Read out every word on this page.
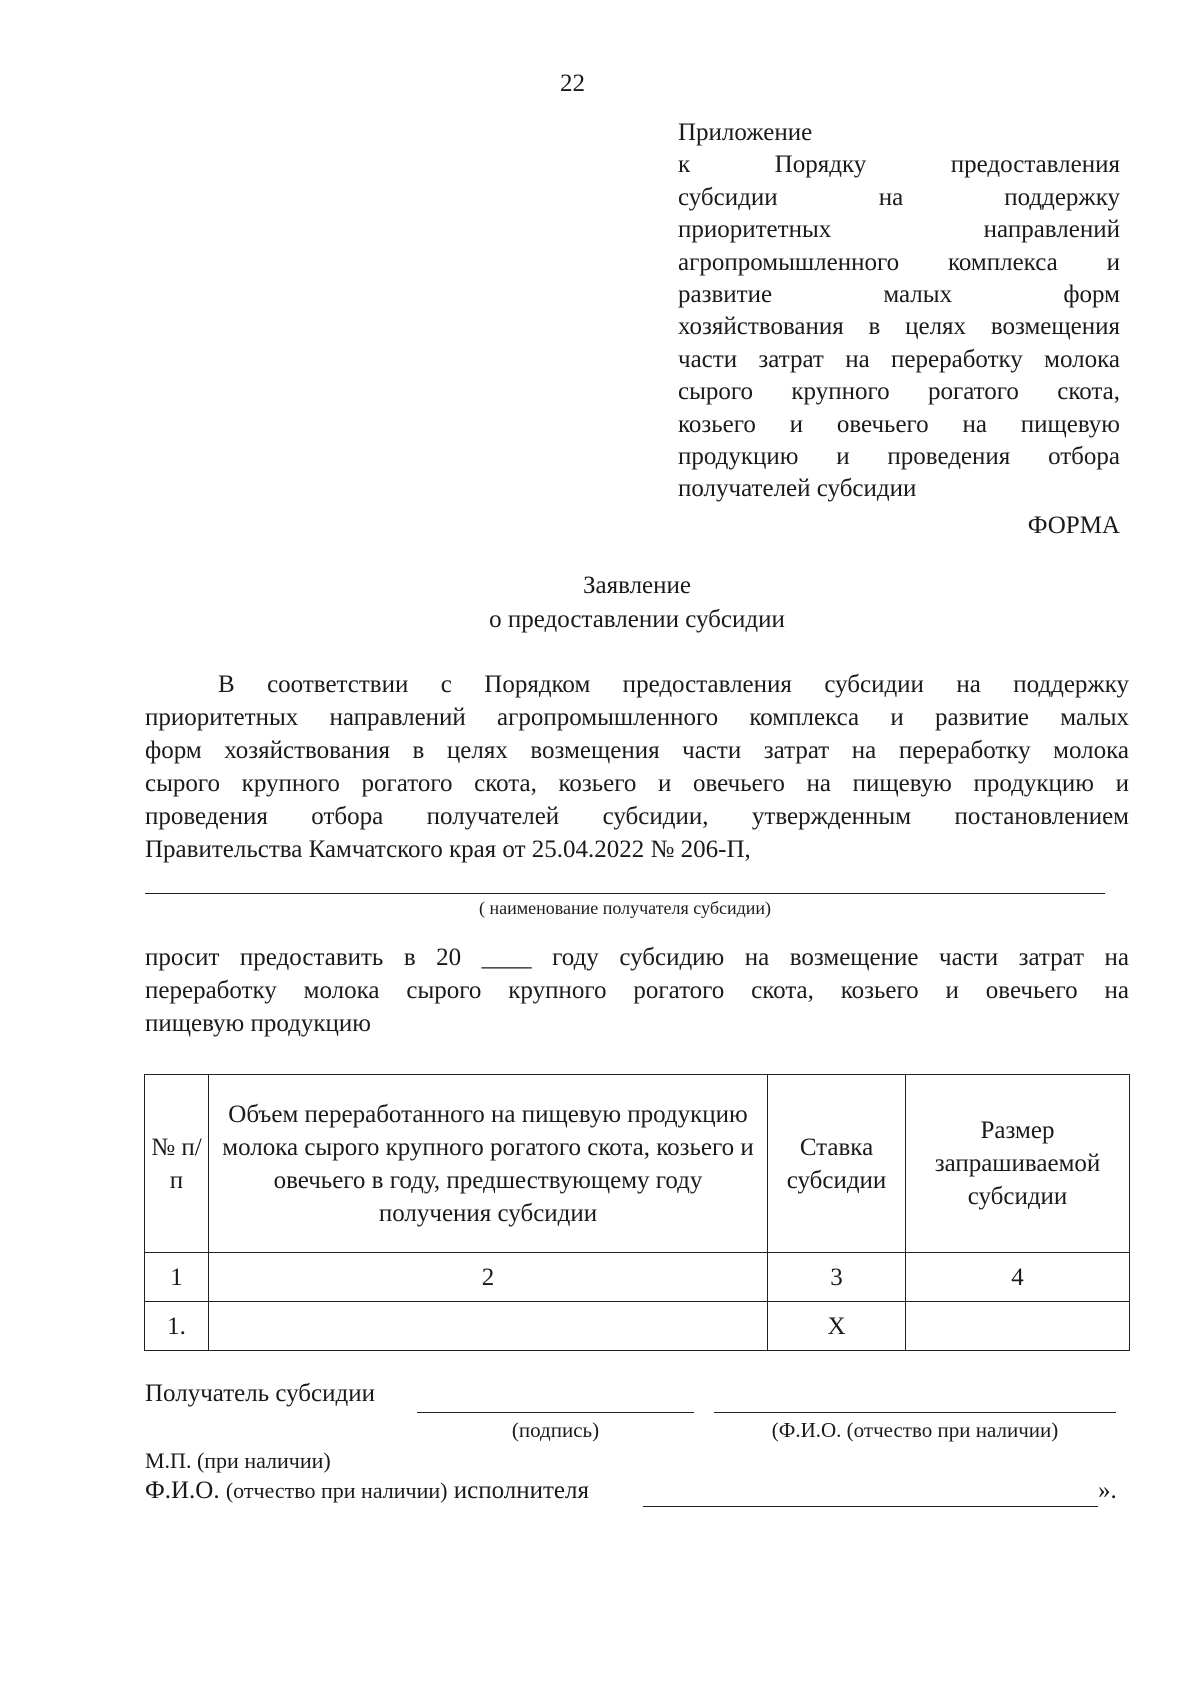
22
Приложение
к Порядку предоставления
субсидии на поддержку
приоритетных направлений
агропромышленного комплекса и
развитие малых форм
хозяйствования в целях возмещения
части затрат на переработку молока
сырого крупного рогатого скота,
козьего и овечьего на пищевую
продукцию и проведения отбора
получателей субсидии
ФОРМА
Заявление
о предоставлении субсидии
В соответствии с Порядком предоставления субсидии на поддержку
приоритетных направлений агропромышленного комплекса и развитие малых
форм хозяйствования в целях возмещения части затрат на переработку молока
сырого крупного рогатого скота, козьего и овечьего на пищевую продукцию и
проведения отбора получателей субсидии, утвержденным постановлением
Правительства Камчатского края от 25.04.2022 № 206-П,
( наименование получателя субсидии)
просит предоставить в 20 ____ году субсидию на возмещение части затрат на
переработку молока сырого крупного рогатого скота, козьего и овечьего на
пищевую продукцию
№ п/п	Объем переработанного на пищевую продукцию молока сырого крупного рогатого скота, козьего и овечьего в году, предшествующему году получения субсидии	Ставка субсидии	Размер запрашиваемой субсидии
1	2	3	4
1.		X	
Получатель субсидии
(подпись)	(Ф.И.О. (отчество при наличии)
М.П. (при наличии)
Ф.И.О. (отчество при наличии) исполнителя	».
